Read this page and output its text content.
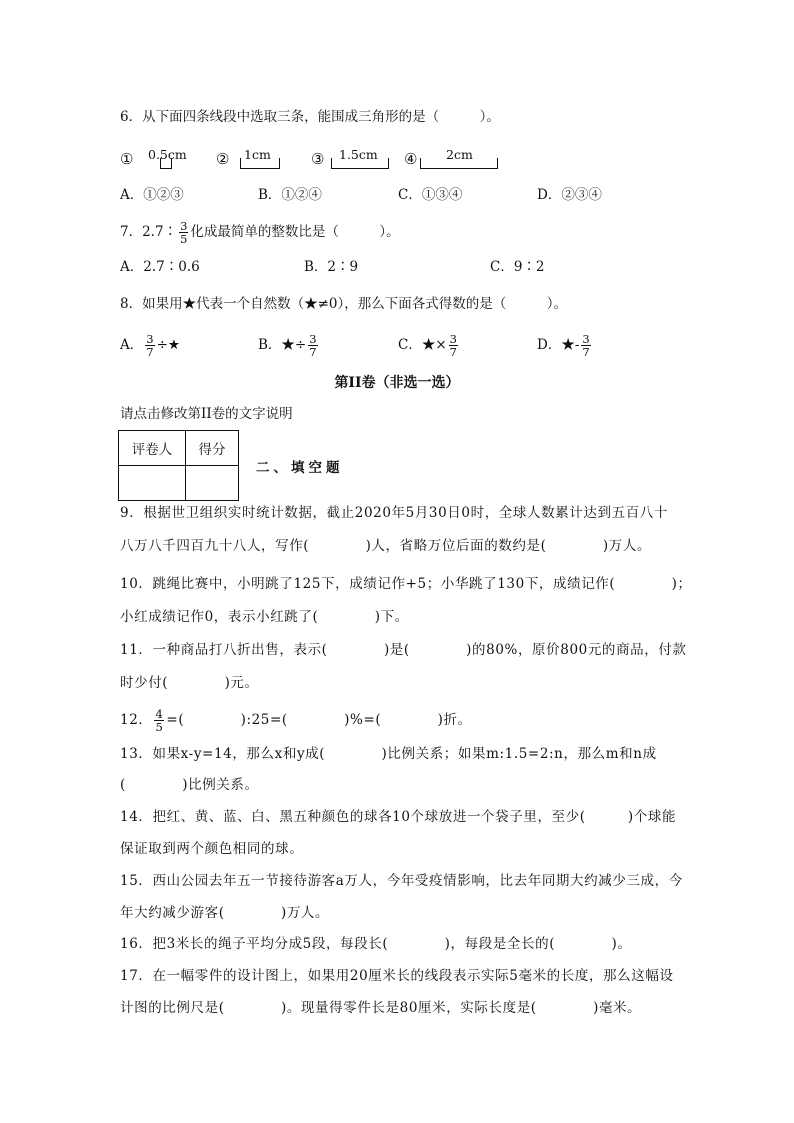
6．从下面四条线段中选取三条，能围成三角形的是（　　　）。
① 0.5cm ② 1cm	③ 1.5cm ④ 2cm
A．①②③	B．①②④	C．①③④	D．②③④
7．2.7∶ $\frac{3}{5}$ 化成最简单的整数比是（　　　）。
A．2.7∶0.6	B．2∶9	C．9∶2
8．如果用★代表一个自然数（★≠0），那么下面各式得数的是（　　　）。
A． $\frac{3}{7}$ ÷★	B．★÷ $\frac{3}{7}$	C．★× $\frac{3}{7}$	D．★- $\frac{3}{7}$
第II卷（非选一选）
请点击修改第II卷的文字说明
评卷人	得分

二、填空题
9．根据世卫组织实时统计数据，截止2020年5月30日0时，全球人数累计达到五百八十
八万八千四百九十八人，写作(　　　　)人，省略万位后面的数约是(　　　　)万人。
10．跳绳比赛中，小明跳了125下，成绩记作+5；小华跳了130下，成绩记作(　　　　)；
小红成绩记作0，表示小红跳了(　　　　)下。
11．一种商品打八折出售，表示(　　　　)是(　　　　)的80%，原价800元的商品，付款
时少付(　　　　)元。
12． $\frac{4}{5}$ =(　　　　):25=(　　　　)%=(　　　　)折。
13．如果x-y=14，那么x和y成(　　　　)比例关系；如果m:1.5=2:n，那么m和n成
(　　　　)比例关系。
14．把红、黄、蓝、白、黑五种颜色的球各10个球放进一个袋子里，至少(　　　)个球能
保证取到两个颜色相同的球。
15．西山公园去年五一节接待游客a万人，今年受疫情影响，比去年同期大约减少三成，今
年大约减少游客(　　　　)万人。
16．把3米长的绳子平均分成5段，每段长(　　　　)，每段是全长的(　　　　)。
17．在一幅零件的设计图上，如果用20厘米长的线段表示实际5毫米的长度，那么这幅设
计图的比例尺是(　　　　)。现量得零件长是80厘米，实际长度是(　　　　)毫米。
